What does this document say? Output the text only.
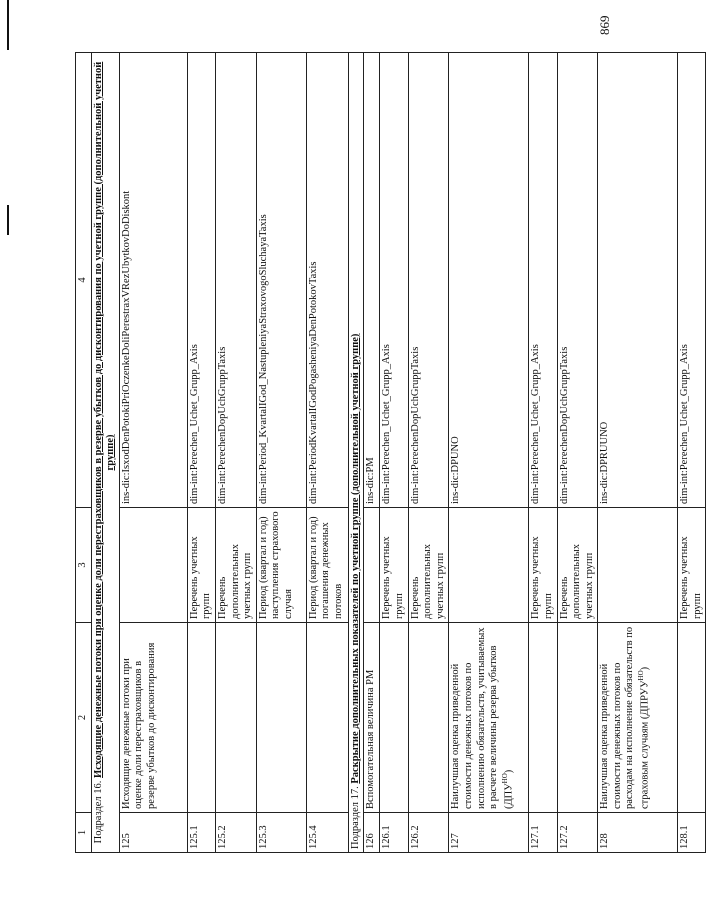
869
1	2	3	4
Подраздел 16. Исходящие денежные потоки при оценке доли перестраховщиков в резерве убытков до дисконтирования по учетной группе (дополнительной учетной группе)			
125	Исходящие денежные потоки при оценке доли перестраховщиков в резерве убытков до дисконтирования		ins-dic:IsxodDenPotokiPriOczenkeDoliPerestraxVRezUbytkovDoDiskont
125.1		Перечень учетных групп	dim-int:Perechen_Uchet_Grupp_Axis
125.2		Перечень дополнительных учетных групп	dim-int:PerechenDopUchGruppTaxis
125.3		Период (квартал и год) наступления страхового случая	dim-int:Period_KvartalIGod_NastupleniyaStraxovogoSluchayaTaxis
125.4		Период (квартал и год) погашения денежных потоков	dim-int:PeriodKvartalIGodPogasheniyaDenPotokovTaxis
Подраздел 17. Раскрытие дополнительных показателей по учетной группе (дополнительной учетной группе)			
126	Вспомогательная величина РМ		ins-dic:PM
126.1		Перечень учетных групп	dim-int:Perechen_Uchet_Grupp_Axis
126.2		Перечень дополнительных учетных групп	dim-int:PerechenDopUchGruppTaxis
127	Наилучшая оценка приведенной стоимости денежных потоков по исполнению обязательств, учитываемых в расчете величины резерва убытков $(ДПУ^{НО})$		ins-dic:DPUNO
127.1		Перечень учетных групп	dim-int:Perechen_Uchet_Grupp_Axis
127.2		Перечень дополнительных учетных групп	dim-int:PerechenDopUchGruppTaxis
128	Наилучшая оценка приведенной стоимости денежных потоков по расходам на исполнение обязательств по страховым случаям $(ДПРУУ^{НО})$		ins-dic:DPRUUNO
128.1		Перечень учетных групп	dim-int:Perechen_Uchet_Grupp_Axis
